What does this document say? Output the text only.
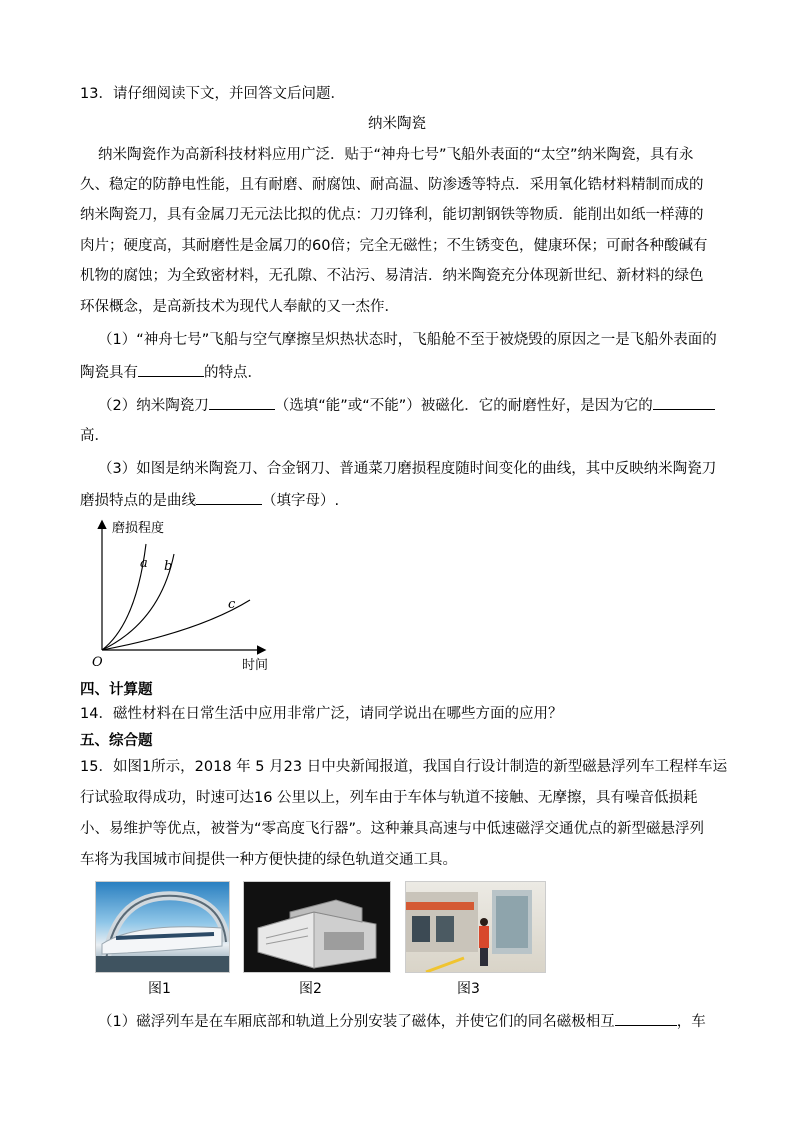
13．请仔细阅读下文，并回答文后问题．
纳米陶瓷
纳米陶瓷作为高新科技材料应用广泛．贴于“神舟七号”飞船外表面的“太空”纳米陶瓷，具有永
久、稳定的防静电性能，且有耐磨、耐腐蚀、耐高温、防渗透等特点．采用氧化锆材料精制而成的
纳米陶瓷刀，具有金属刀无元法比拟的优点：刀刃锋利，能切割钢铁等物质．能削出如纸一样薄的
肉片；硬度高，其耐磨性是金属刀的60倍；完全无磁性；不生锈变色，健康环保；可耐各种酸碱有
机物的腐蚀；为全致密材料，无孔隙、不沾污、易清洁．纳米陶瓷充分体现新世纪、新材料的绿色
环保概念，是高新技术为现代人奉献的又一杰作．
（1）“神舟七号”飞船与空气摩擦呈炽热状态时，飞船舱不至于被烧毁的原因之一是飞船外表面的
陶瓷具有	的特点．
（2）纳米陶瓷刀	（选填“能”或“不能”）被磁化．它的耐磨性好，是因为它的
高．
（3）如图是纳米陶瓷刀、合金钢刀、普通菜刀磨损程度随时间变化的曲线，其中反映纳米陶瓷刀
磨损特点的是曲线	（填字母）.
磨损程度
a b
c
O	时间
四、计算题
14．磁性材料在日常生活中应用非常广泛，请同学说出在哪些方面的应用？
五、综合题
15．如图1所示，2018 年 5 月23 日中央新闻报道，我国自行设计制造的新型磁悬浮列车工程样车运
行试验取得成功，时速可达16 公里以上，列车由于车体与轨道不接触、无摩擦，具有噪音低损耗
小、易维护等优点，被誉为“零高度飞行器”。这种兼具高速与中低速磁浮交通优点的新型磁悬浮列
车将为我国城市间提供一种方便快捷的绿色轨道交通工具。
图1	图2	图3
（1）磁浮列车是在车厢底部和轨道上分别安装了磁体，并使它们的同名磁极相互	，车
